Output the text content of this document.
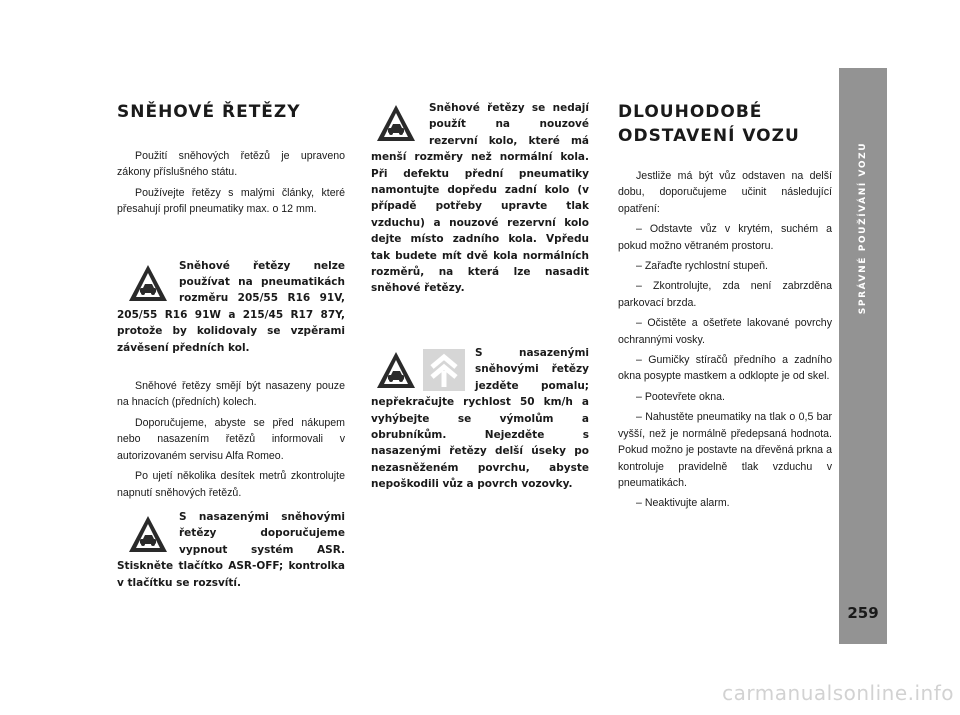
SNĚHOVÉ ŘETĚZY

Použití sněhových řetězů je upraveno zákony příslušného státu.

Používejte řetězy s malými články, které přesahují profil pneumatiky max. o 12 mm.

Sněhové řetězy nelze používat na pneumatikách rozměru 205/55 R16 91V, 205/55 R16 91W a 215/45 R17 87Y, protože by kolidovaly se vzpěrami závěsení předních kol.

Sněhové řetězy smějí být nasazeny pouze na hnacích (předních) kolech.

Doporučujeme, abyste se před nákupem nebo nasazením řetězů informovali v autorizovaném servisu Alfa Romeo.

Po ujetí několika desítek metrů zkontrolujte napnutí sněhových řetězů.

S nasazenými sněhovými řetězy doporučujeme vypnout systém ASR. Stiskněte tlačítko ASR-OFF; kontrolka v tlačítku se rozsvítí.

Sněhové řetězy se nedají použít na nouzové rezervní kolo, které má menší rozměry než normální kola. Při defektu přední pneumatiky namontujte dopředu zadní kolo (v případě potřeby upravte tlak vzduchu) a nouzové rezervní kolo dejte místo zadního kola. Vpředu tak budete mít dvě kola normálních rozměrů, na která lze nasadit sněhové řetězy.

S nasazenými sněhovými řetězy jezděte pomalu; nepřekračujte rychlost 50 km/h a vyhýbejte se výmolům a obrubníkům. Nejezděte s nasazenými řetězy delší úseky po nezasněženém povrchu, abyste nepoškodili vůz a povrch vozovky.

DLOUHODOBÉ
ODSTAVENÍ VOZU

Jestliže má být vůz odstaven na delší dobu, doporučujeme učinit následující opatření:

– Odstavte vůz v krytém, suchém a pokud možno větraném prostoru.

– Zařaďte rychlostní stupeň.

– Zkontrolujte, zda není zabrzděna parkovací brzda.

– Očistěte a ošetřete lakované povrchy ochrannými vosky.

– Gumičky stíračů předního a zadního okna posypte mastkem a odklopte je od skel.

– Pootevřete okna.

– Nahustěte pneumatiky na tlak o 0,5 bar vyšší, než je normálně předepsaná hodnota. Pokud možno je postavte na dřevěná prkna a kontroluje pravidelně tlak vzduchu v pneumatikách.

– Neaktivujte alarm.

SPRÁVNÉ POUŽÍVÁNÍ VOZU
259
carmanualsonline.info
